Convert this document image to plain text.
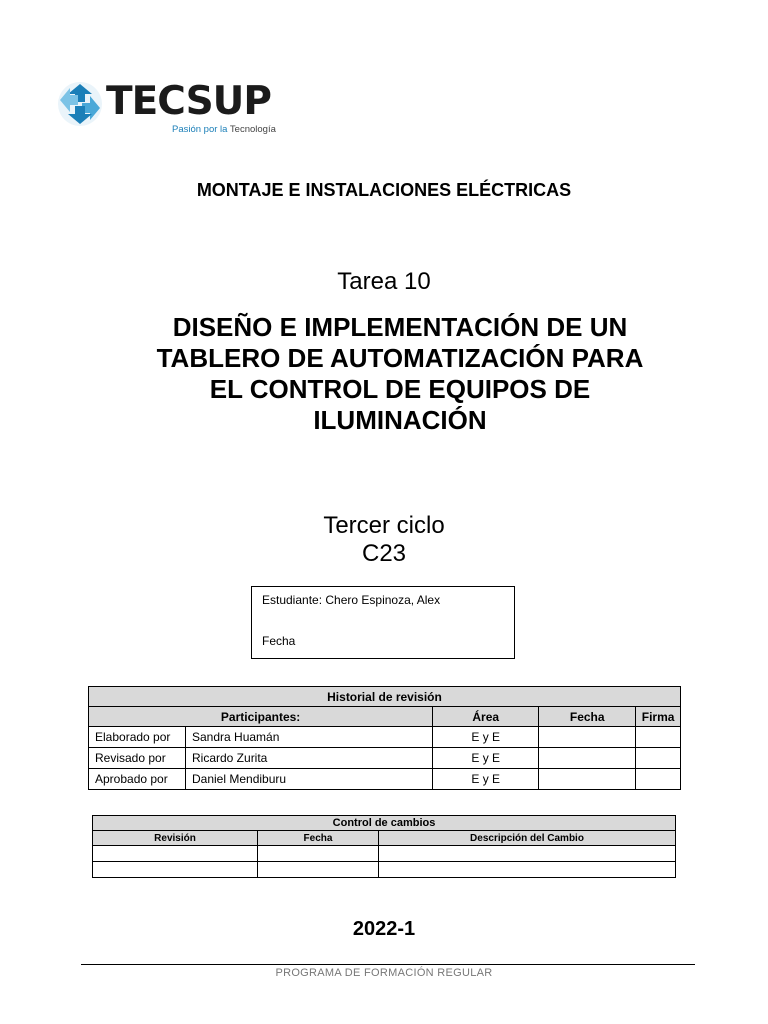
TECSUP
Pasión por la Tecnología
MONTAJE E INSTALACIONES ELÉCTRICAS
Tarea 10
DISEÑO E IMPLEMENTACIÓN DE UN
TABLERO DE AUTOMATIZACIÓN PARA
EL CONTROL DE EQUIPOS DE
ILUMINACIÓN
Tercer ciclo
C23
Estudiante: Chero Espinoza, Alex
Fecha
Historial de revisión				
Participantes:		Área	Fecha	Firma
Elaborado por	Sandra Huamán	E y E		
Revisado por	Ricardo Zurita	E y E		
Aprobado por	Daniel Mendiburu	E y E		
Control de cambios		
Revisión	Fecha	Descripción del Cambio

2022-1
PROGRAMA DE FORMACIÓN REGULAR
